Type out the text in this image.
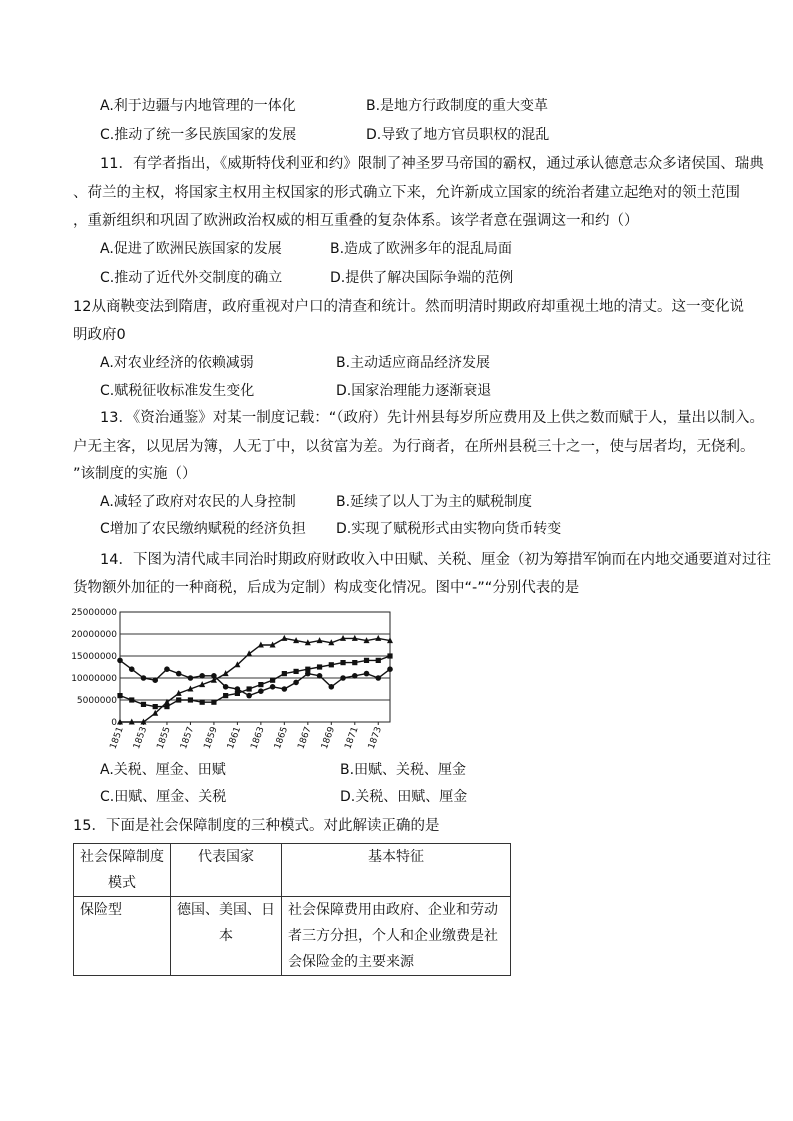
A.利于边疆与内地管理的一体化	B.是地方行政制度的重大变革
C.推动了统一多民族国家的发展	D.导致了地方官员职权的混乱
11．有学者指出，《威斯特伐利亚和约》限制了神圣罗马帝国的霸权，通过承认德意志众多诸侯国、瑞典
、荷兰的主权，将国家主权用主权国家的形式确立下来，允许新成立国家的统治者建立起绝对的领土范围
，重新组织和巩固了欧洲政治权威的相互重叠的复杂体系。该学者意在强调这一和约（）
A.促进了欧洲民族国家的发展	B.造成了欧洲多年的混乱局面
C.推动了近代外交制度的确立	D.提供了解决国际争端的范例
12从商鞅变法到隋唐，政府重视对户口的清查和统计。然而明清时期政府却重视土地的清丈。这一变化说
明政府0
A.对农业经济的依赖减弱	B.主动适应商品经济发展
C.赋税征收标准发生变化	D.国家治理能力逐渐衰退
13．《资治通鉴》对某一制度记载：“（政府）先计州县每岁所应费用及上供之数而赋于人，量出以制入。
户无主客，以见居为簿，人无丁中，以贫富为差。为行商者，在所州县税三十之一，使与居者均，无侥利。
”该制度的实施（）
A.减轻了政府对农民的人身控制	B.延续了以人丁为主的赋税制度
C增加了农民缴纳赋税的经济负担 D.实现了赋税形式由实物向货币转变
14．下图为清代咸丰同治时期政府财政收入中田赋、关税、厘金（初为筹措军饷而在内地交通要道对过往
货物额外加征的一种商税，后成为定制）构成变化情况。图中“-”“分别代表的是
25000000
20000000
15000000
10000000
5000000
0
1851 1853 1855 1857 1859 1861 1863 1865 1867 1869 1871 1873
A.关税、厘金、田赋	B.田赋、关税、厘金
C.田赋、厘金、关税	D.关税、田赋、厘金
15．下面是社会保障制度的三种模式。对此解读正确的是
社会保障制度模式	代表国家	基本特征
保险型	德国、美国、日本	社会保障费用由政府、企业和劳动者三方分担，个人和企业缴费是社会保险金的主要来源
